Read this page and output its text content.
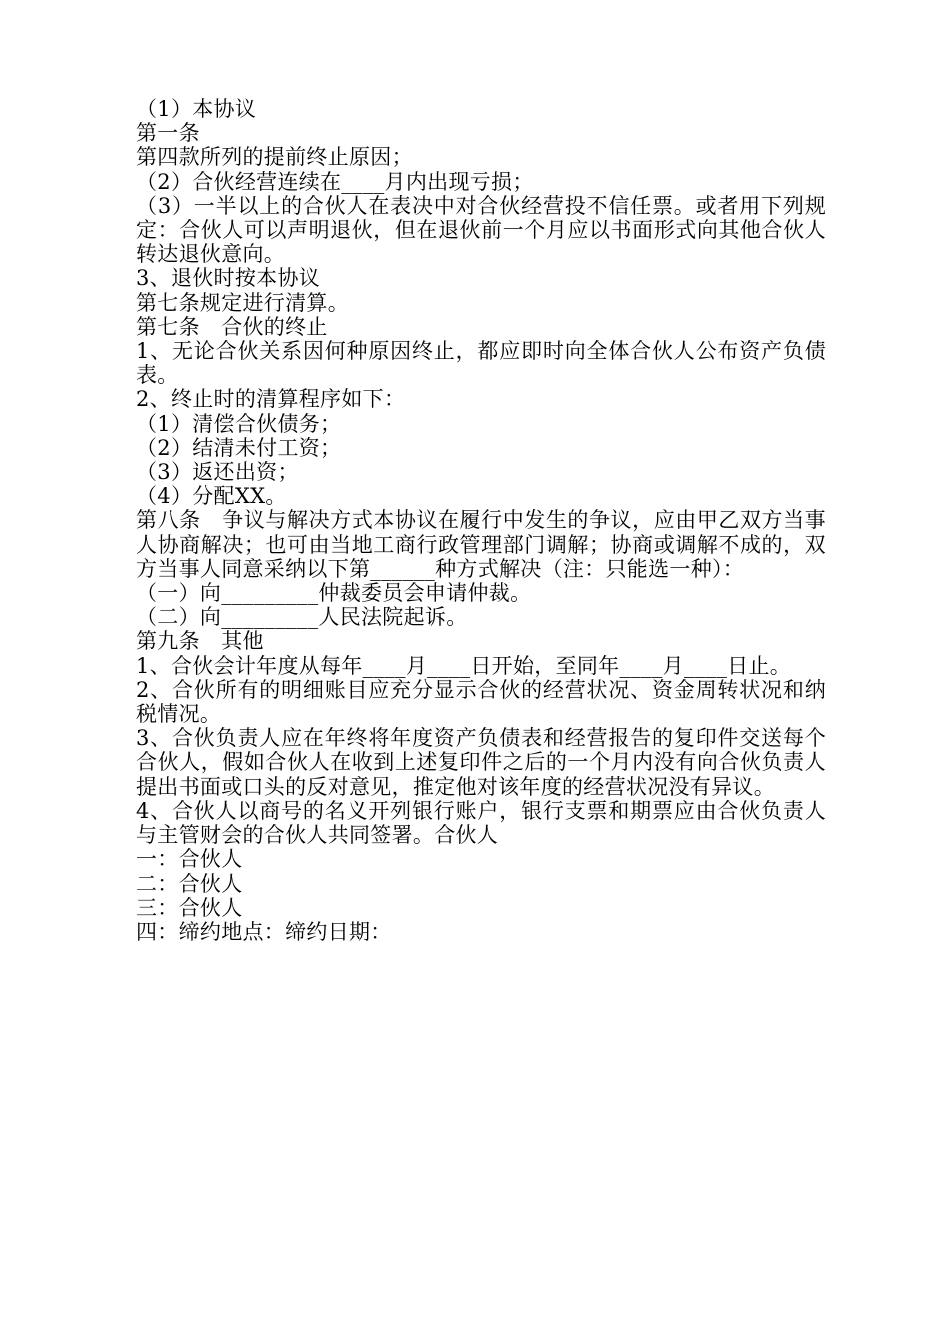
（1）本协议

第一条

第四款所列的提前终止原因；

（2）合伙经营连续在____月内出现亏损；

（3）一半以上的合伙人在表决中对合伙经营投不信任票。或者用下列规定：合伙人可以声明退伙，但在退伙前一个月应以书面形式向其他合伙人转达退伙意向。

3、退伙时按本协议

第七条规定进行清算。

第七条　合伙的终止

1、无论合伙关系因何种原因终止，都应即时向全体合伙人公布资产负债表。

2、终止时的清算程序如下：

（1）清偿合伙债务；

（2）结清未付工资；

（3）返还出资；

（4）分配XX。

第八条　争议与解决方式本协议在履行中发生的争议，应由甲乙双方当事人协商解决；也可由当地工商行政管理部门调解；协商或调解不成的，双方当事人同意采纳以下第______种方式解决（注：只能选一种）：

（一）向_________仲裁委员会申请仲裁。

（二）向_________人民法院起诉。

第九条　其他

1、合伙会计年度从每年____月____日开始，至同年____月____日止。

2、合伙所有的明细账目应充分显示合伙的经营状况、资金周转状况和纳税情况。

3、合伙负责人应在年终将年度资产负债表和经营报告的复印件交送每个合伙人，假如合伙人在收到上述复印件之后的一个月内没有向合伙负责人提出书面或口头的反对意见，推定他对该年度的经营状况没有异议。

4、合伙人以商号的名义开列银行账户，银行支票和期票应由合伙负责人与主管财会的合伙人共同签署。合伙人

一：合伙人

二：合伙人

三：合伙人

四：缔约地点：缔约日期：
